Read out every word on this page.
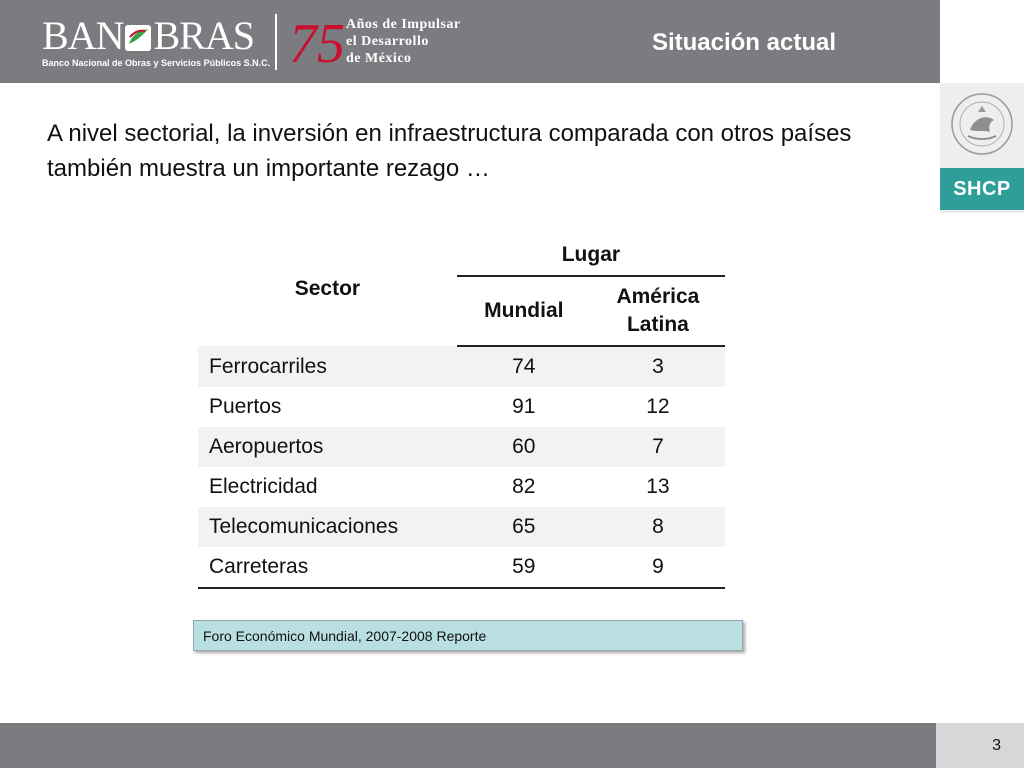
BAN BRAS
Banco Nacional de Obras y Servicios Públicos S.N.C. 75 Años de Impulsar
el Desarrollo
de México
Situación actual
SHCP
A nivel sectorial, la inversión en infraestructura comparada con otros países también muestra un importante rezago …
Sector	Lugar	
	Mundial	América Latina
Ferrocarriles	74	3
Puertos	91	12
Aeropuertos	60	7
Electricidad	82	13
Telecomunicaciones	65	8
Carreteras	59	9
Foro Económico Mundial, 2007-2008 Reporte
3
